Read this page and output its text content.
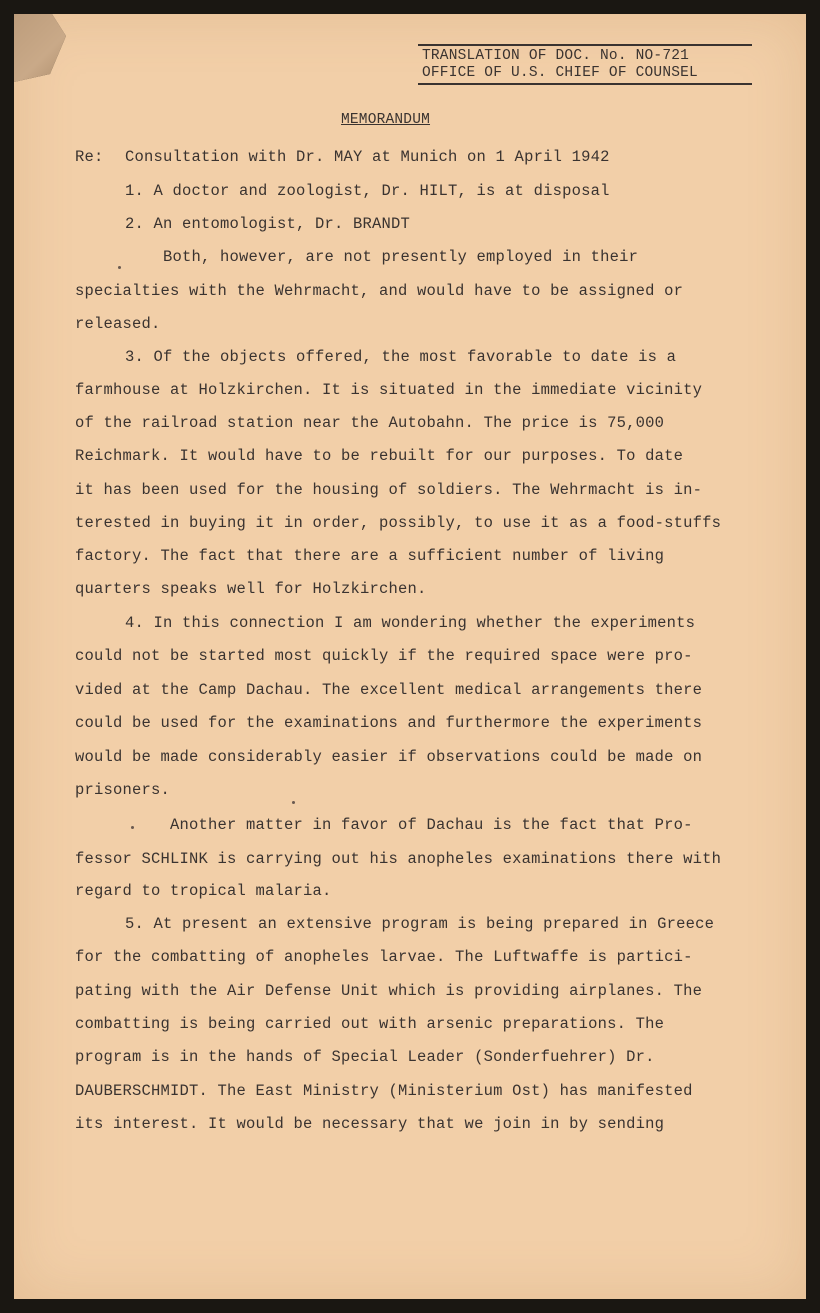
TRANSLATION OF DOC. No. NO-721
OFFICE OF U.S. CHIEF OF COUNSEL
MEMORANDUM
Re: Consultation with Dr. MAY at Munich on 1 April 1942
1. A doctor and zoologist, Dr. HILT, is at disposal
2. An entomologist, Dr. BRANDT
Both, however, are not presently employed in their
specialties with the Wehrmacht, and would have to be assigned or
released.
3. Of the objects offered, the most favorable to date is a
farmhouse at Holzkirchen. It is situated in the immediate vicinity
of the railroad station near the Autobahn. The price is 75,000
Reichmark. It would have to be rebuilt for our purposes. To date
it has been used for the housing of soldiers. The Wehrmacht is in-
terested in buying it in order, possibly, to use it as a food-stuffs
factory. The fact that there are a sufficient number of living
quarters speaks well for Holzkirchen.
4. In this connection I am wondering whether the experiments
could not be started most quickly if the required space were pro-
vided at the Camp Dachau. The excellent medical arrangements there
could be used for the examinations and furthermore the experiments
would be made considerably easier if observations could be made on
prisoners.
Another matter in favor of Dachau is the fact that Pro-
fessor SCHLINK is carrying out his anopheles examinations there with
regard to tropical malaria.
5. At present an extensive program is being prepared in Greece
for the combatting of anopheles larvae. The Luftwaffe is partici-
pating with the Air Defense Unit which is providing airplanes. The
combatting is being carried out with arsenic preparations. The
program is in the hands of Special Leader (Sonderfuehrer) Dr.
DAUBERSCHMIDT. The East Ministry (Ministerium Ost) has manifested
its interest. It would be necessary that we join in by sending
